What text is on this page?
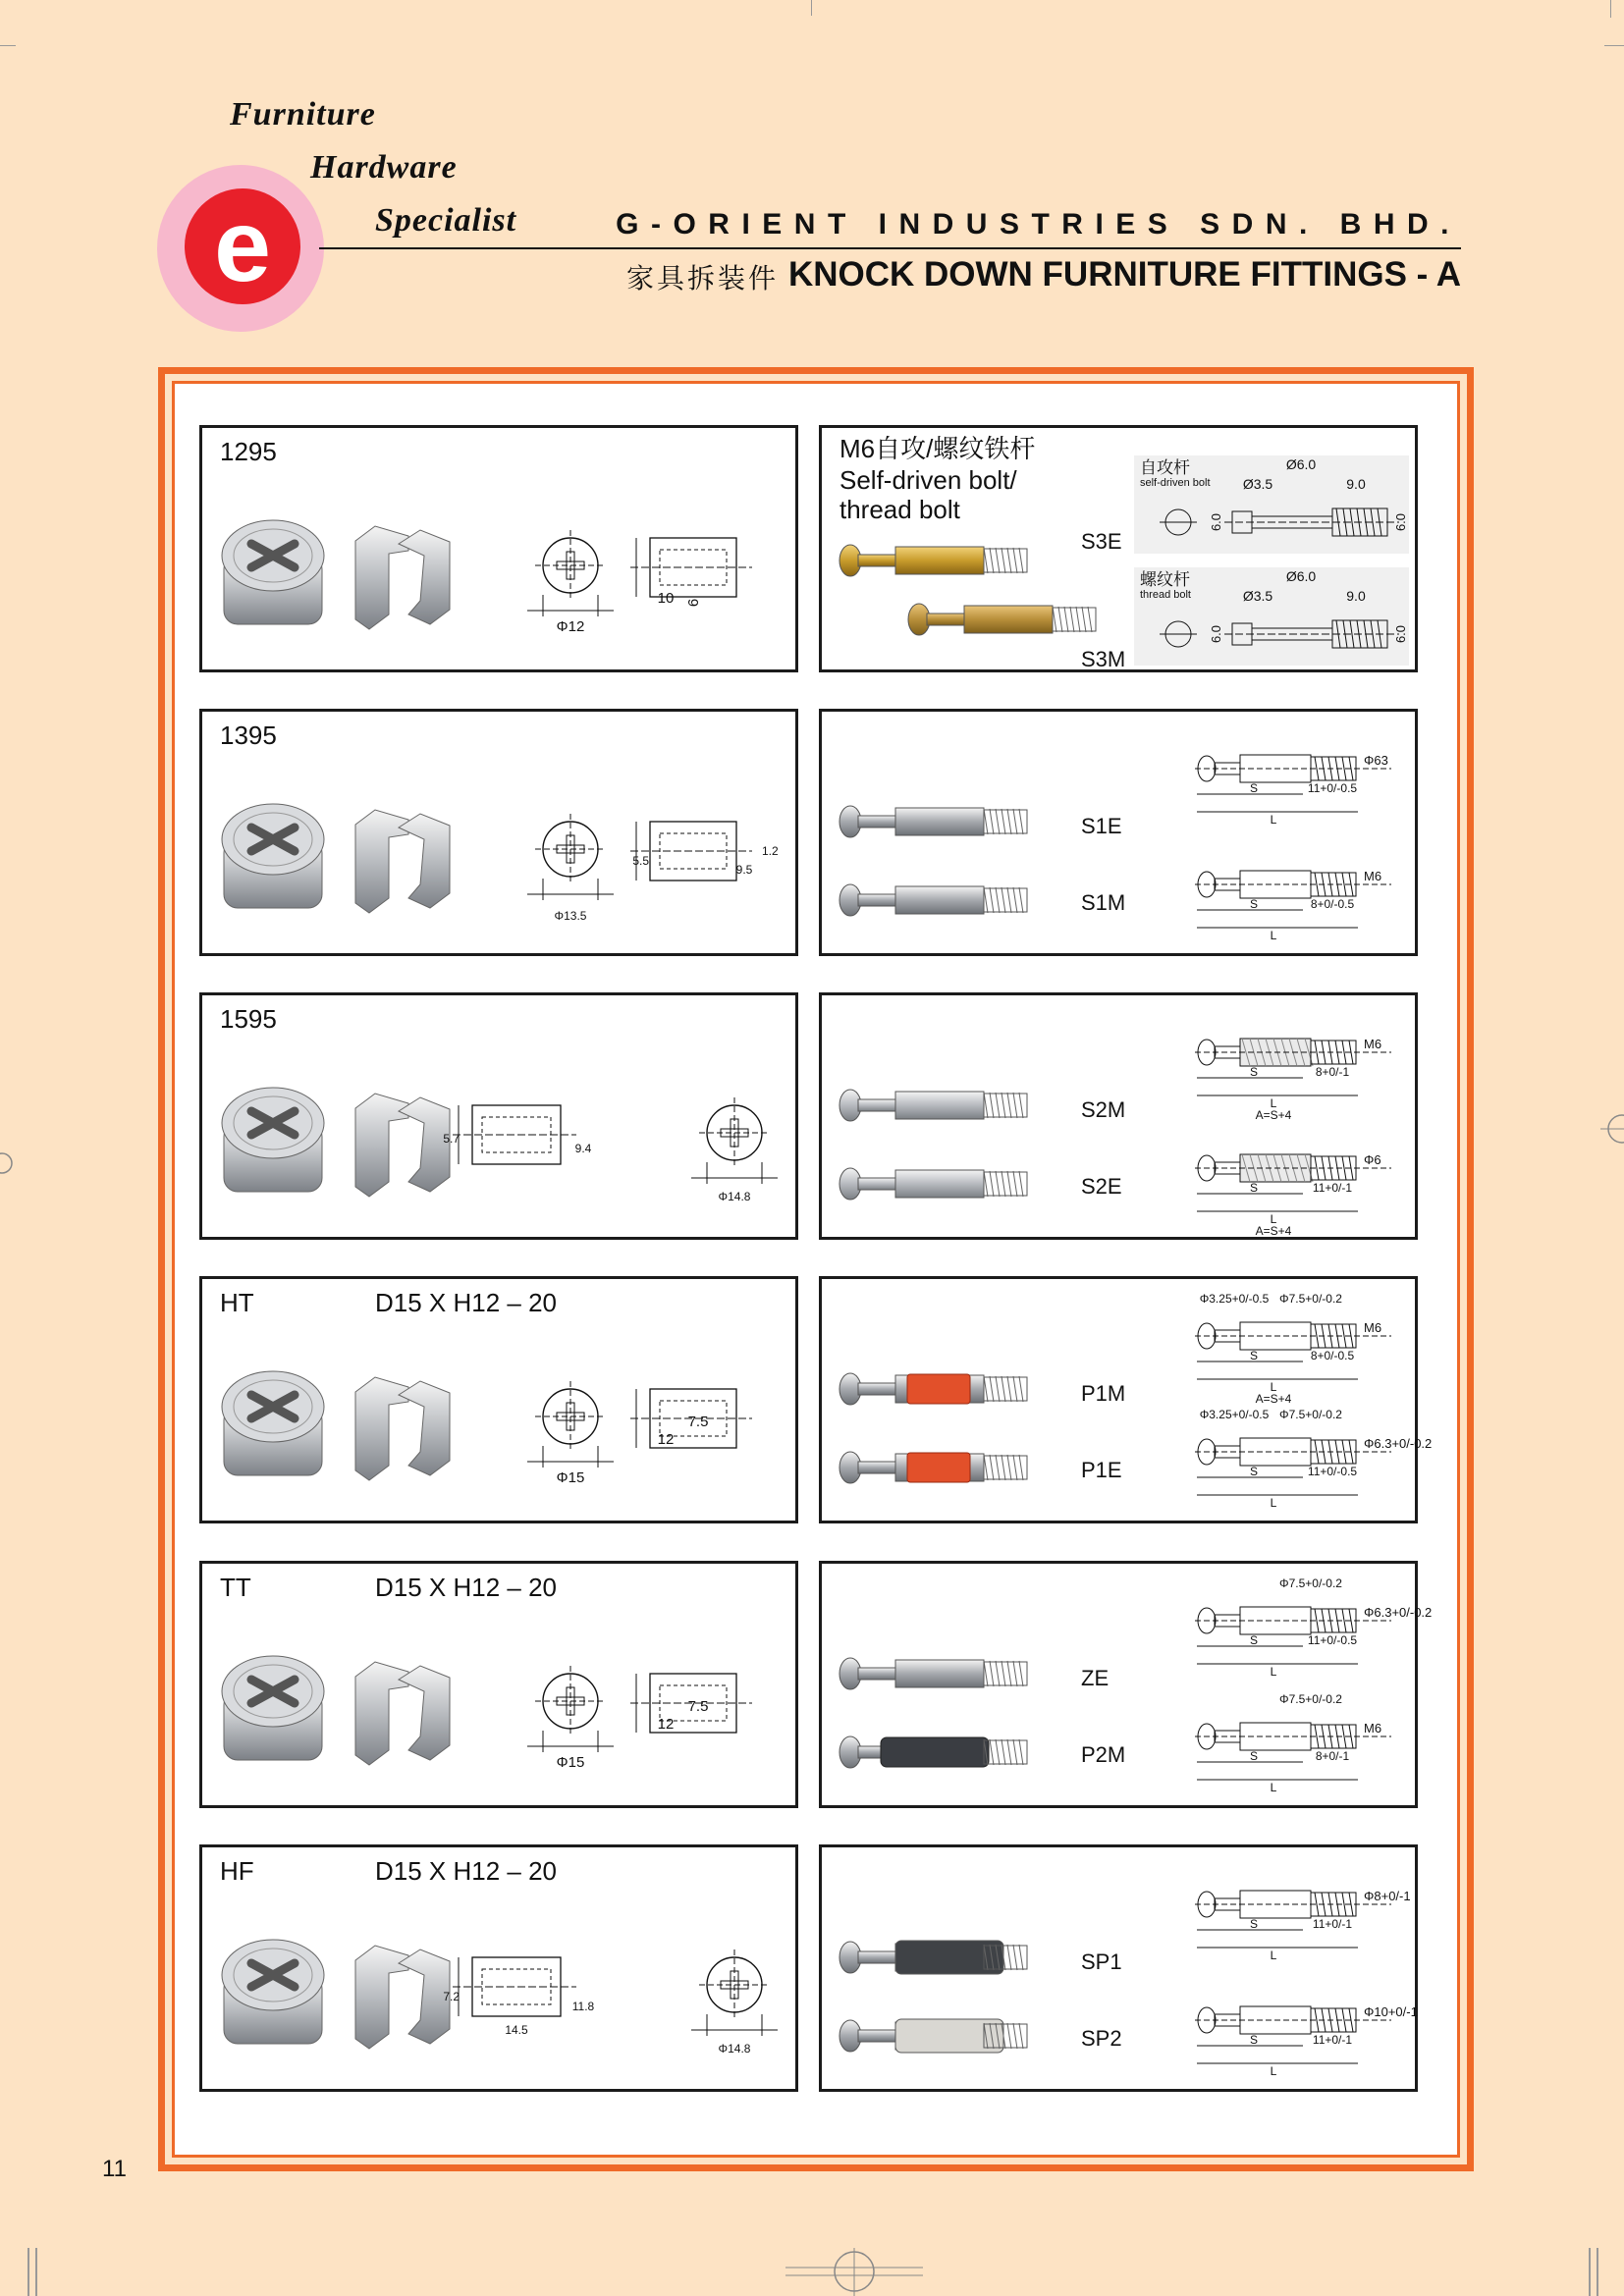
e
Furniture
Hardware
Specialist	G-ORIENT INDUSTRIES SDN. BHD.
家具拆装件 KNOCK DOWN FURNITURE FITTINGS - A
1295
Φ12
10 6
1395
Φ13.5
5.5
1.2
9.5
1595
Φ14.8
5.7
9.4
HT	D15 X H12 – 20
Φ15
12
7.5
TT	D15 X H12 – 20
Φ15
12
7.5
HF	D15 X H12 – 20
Φ14.8
7.2
11.8
14.5
M6自攻/螺纹铁杆
Self-driven bolt/
thread bolt
S3E
S3M
自攻杆
self-driven bolt
Ø6.0
Ø3.5	9.0
6.0	6.0
螺纹杆
thread bolt
Ø6.0
Ø3.5	9.0
6.0	6.0
Φ63
S	11+0/-0.5
L
M6
S	8+0/-0.5
L
S1E
S1M
M6
S	8+0/-1
L
A=S+4
Φ6
S	11+0/-1
L
A=S+4
S2M
S2E
Φ3.25+0/-0.5 Φ7.5+0/-0.2
M6
S	8+0/-0.5
L
A=S+4
Φ3.25+0/-0.5 Φ7.5+0/-0.2
Φ6.3+0/-0.2
S	11+0/-0.5
L
P1M
P1E
Φ7.5+0/-0.2
Φ6.3+0/-0.2
S	11+0/-0.5
L
Φ7.5+0/-0.2
M6
S	8+0/-1
L
ZE
P2M
Φ8+0/-1
S	11+0/-1
L
Φ10+0/-1
S	11+0/-1
L
SP1
SP2
11
